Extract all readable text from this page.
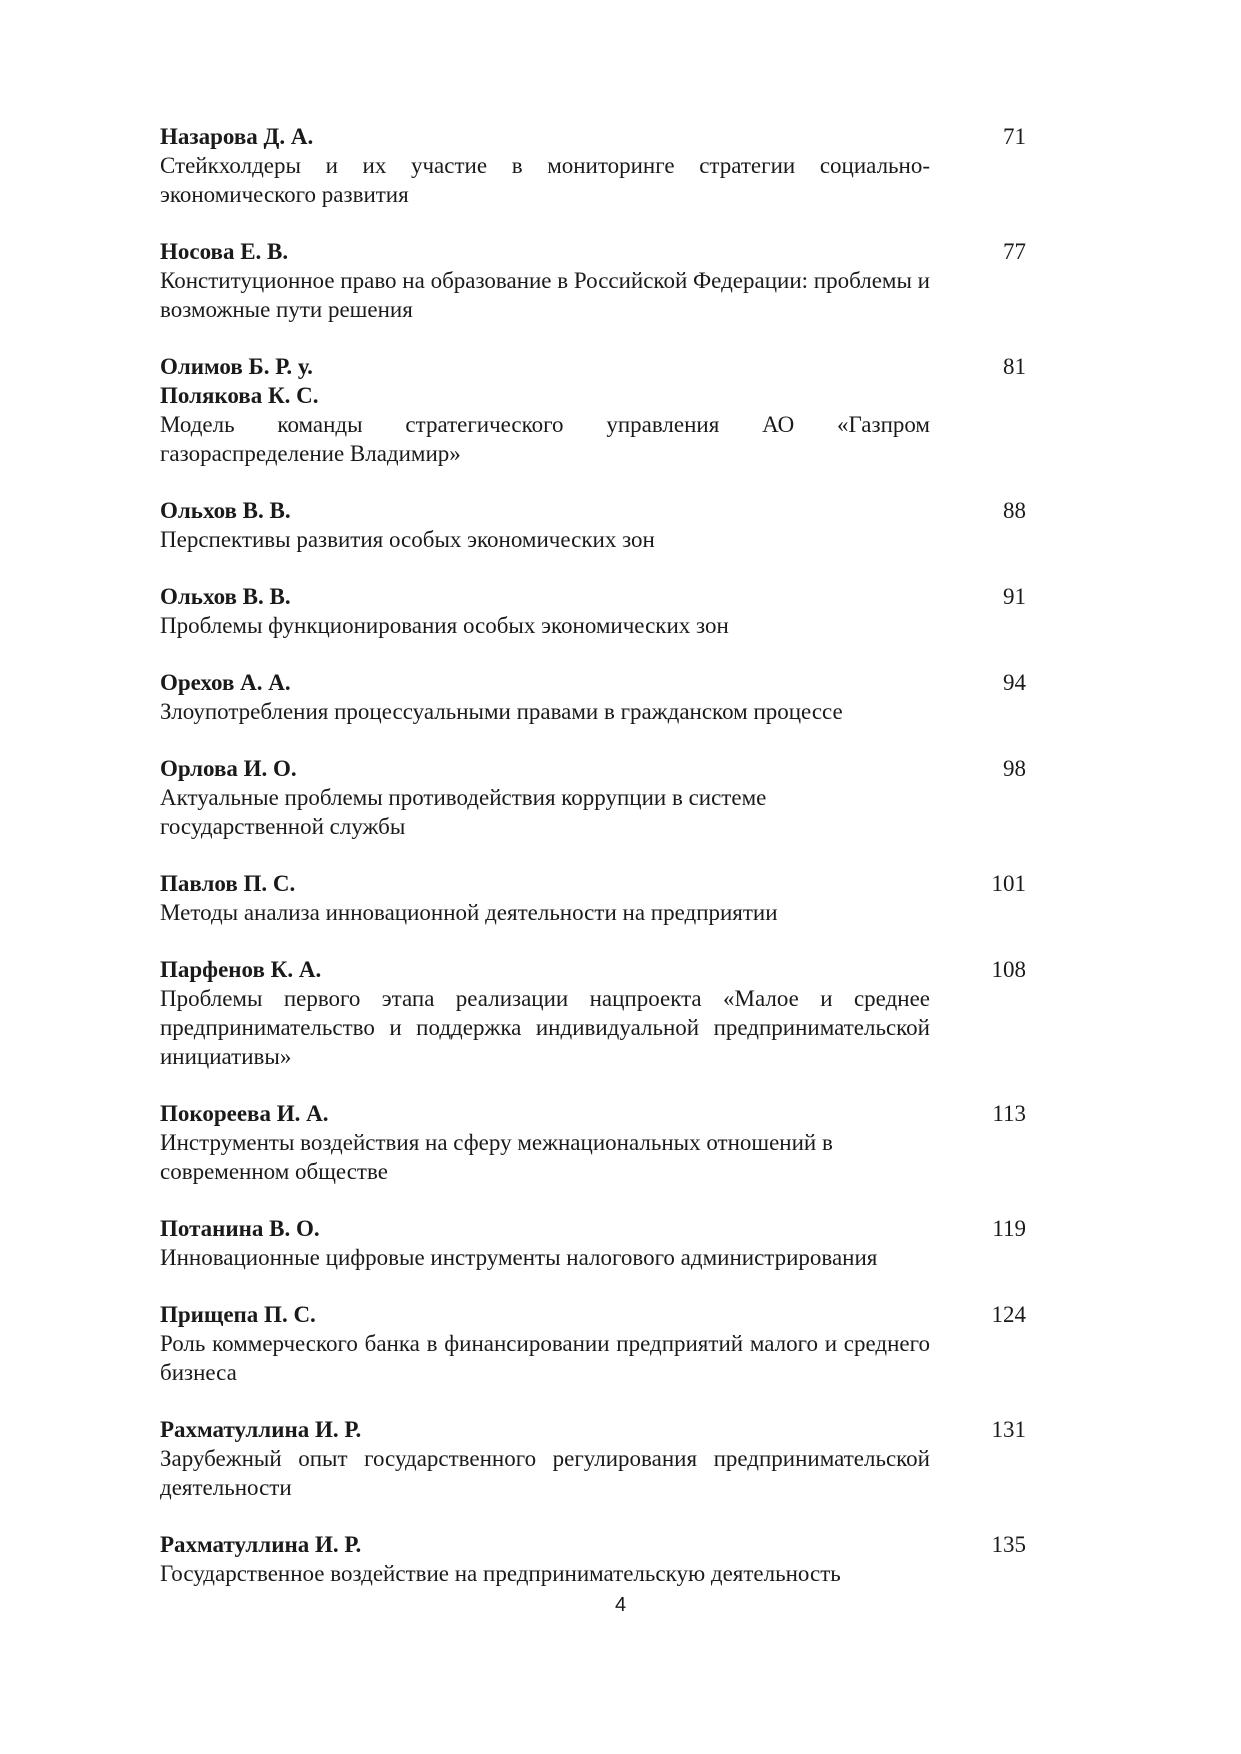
Назарова Д. А.
Стейкхолдеры и их участие в мониторинге стратегии социально-экономического развития
71
Носова Е. В.
Конституционное право на образование в Российской Федерации: проблемы и возможные пути решения
77
Олимов Б. Р. у.
Полякова К. С.
Модель команды стратегического управления АО «Газпром газораспределение Владимир»
81
Ольхов В. В.
Перспективы развития особых экономических зон
88
Ольхов В. В.
Проблемы функционирования особых экономических зон
91
Орехов А. А.
Злоупотребления процессуальными правами в гражданском процессе
94
Орлова И. О.
Актуальные проблемы противодействия коррупции в системе государственной службы
98
Павлов П. С.
Методы анализа инновационной деятельности на предприятии
101
Парфенов К. А.
Проблемы первого этапа реализации нацпроекта «Малое и среднее предпринимательство и поддержка индивидуальной предпринимательской инициативы»
108
Покореева И. А.
Инструменты воздействия на сферу межнациональных отношений в современном обществе
113
Потанина В. О.
Инновационные цифровые инструменты налогового администрирования
119
Прищепа П. С.
Роль коммерческого банка в финансировании предприятий малого и среднего бизнеса
124
Рахматуллина И. Р.
Зарубежный опыт государственного регулирования предпринимательской деятельности
131
Рахматуллина И. Р.
Государственное воздействие на предпринимательскую деятельность
135
4
